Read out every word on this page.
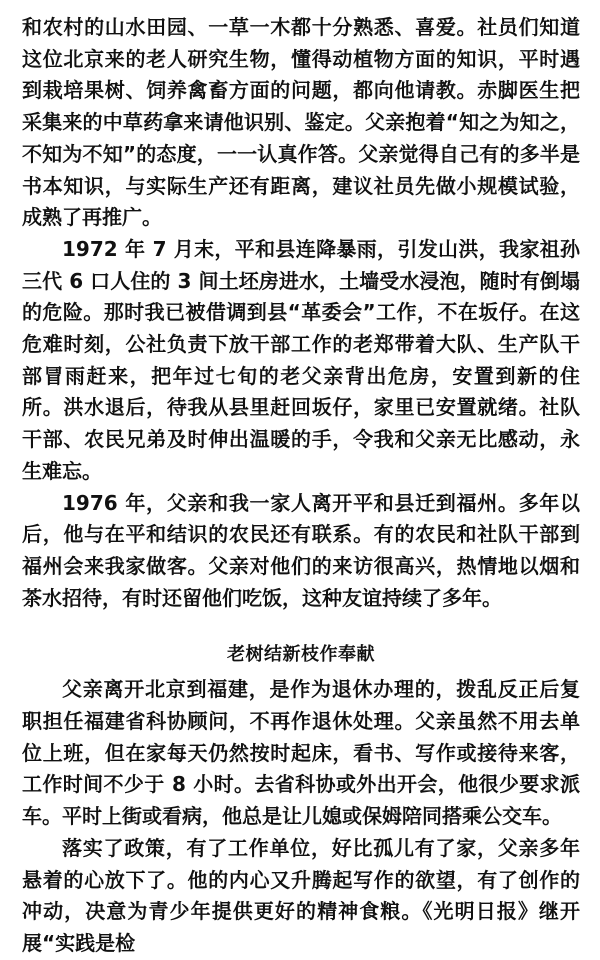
和农村的山水田园、一草一木都十分熟悉、喜爱。社员们知道这位北京来的老人研究生物，懂得动植物方面的知识，平时遇到栽培果树、饲养禽畜方面的问题，都向他请教。赤脚医生把采集来的中草药拿来请他识别、鉴定。父亲抱着“知之为知之，不知为不知”的态度，一一认真作答。父亲觉得自己有的多半是书本知识，与实际生产还有距离，建议社员先做小规模试验，成熟了再推广。

1972 年 7 月末，平和县连降暴雨，引发山洪，我家祖孙三代 6 口人住的 3 间土坯房进水，土墙受水浸泡，随时有倒塌的危险。那时我已被借调到县“革委会”工作，不在坂仔。在这危难时刻，公社负责下放干部工作的老郑带着大队、生产队干部冒雨赶来，把年过七旬的老父亲背出危房，安置到新的住所。洪水退后，待我从县里赶回坂仔，家里已安置就绪。社队干部、农民兄弟及时伸出温暖的手，令我和父亲无比感动，永生难忘。

1976 年，父亲和我一家人离开平和县迁到福州。多年以后，他与在平和结识的农民还有联系。有的农民和社队干部到福州会来我家做客。父亲对他们的来访很高兴，热情地以烟和茶水招待，有时还留他们吃饭，这种友谊持续了多年。

老树结新枝作奉献

父亲离开北京到福建，是作为退休办理的，拨乱反正后复职担任福建省科协顾问，不再作退休处理。父亲虽然不用去单位上班，但在家每天仍然按时起床，看书、写作或接待来客，工作时间不少于 8 小时。去省科协或外出开会，他很少要求派车。平时上街或看病，他总是让儿媳或保姆陪同搭乘公交车。

落实了政策，有了工作单位，好比孤儿有了家，父亲多年悬着的心放下了。他的内心又升腾起写作的欲望，有了创作的冲动，决意为青少年提供更好的精神食粮。《光明日报》继开展“实践是检
